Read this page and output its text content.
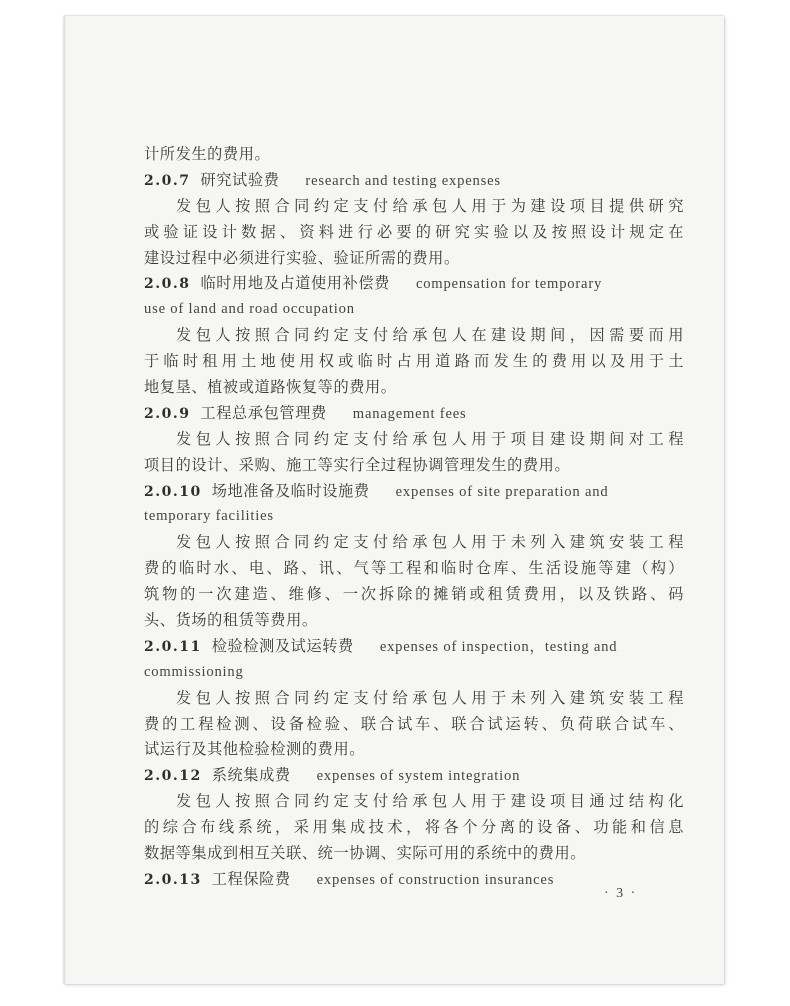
计所发生的费用。
2.0.7 研究试验费 research and testing expenses
发包人按照合同约定支付给承包人用于为建设项目提供研究
或验证设计数据、资料进行必要的研究实验以及按照设计规定在
建设过程中必须进行实验、验证所需的费用。
2.0.8 临时用地及占道使用补偿费 compensation for temporary
use of land and road occupation
发包人按照合同约定支付给承包人在建设期间，因需要而用
于临时租用土地使用权或临时占用道路而发生的费用以及用于土
地复垦、植被或道路恢复等的费用。
2.0.9 工程总承包管理费 management fees
发包人按照合同约定支付给承包人用于项目建设期间对工程
项目的设计、采购、施工等实行全过程协调管理发生的费用。
2.0.10 场地准备及临时设施费 expenses of site preparation and
temporary facilities
发包人按照合同约定支付给承包人用于未列入建筑安装工程
费的临时水、电、路、讯、气等工程和临时仓库、生活设施等建（构）
筑物的一次建造、维修、一次拆除的摊销或租赁费用，以及铁路、码
头、货场的租赁等费用。
2.0.11 检验检测及试运转费 expenses of inspection，testing and
commissioning
发包人按照合同约定支付给承包人用于未列入建筑安装工程
费的工程检测、设备检验、联合试车、联合试运转、负荷联合试车、
试运行及其他检验检测的费用。
2.0.12 系统集成费 expenses of system integration
发包人按照合同约定支付给承包人用于建设项目通过结构化
的综合布线系统，采用集成技术，将各个分离的设备、功能和信息
数据等集成到相互关联、统一协调、实际可用的系统中的费用。
2.0.13 工程保险费 expenses of construction insurances
· 3 ·
